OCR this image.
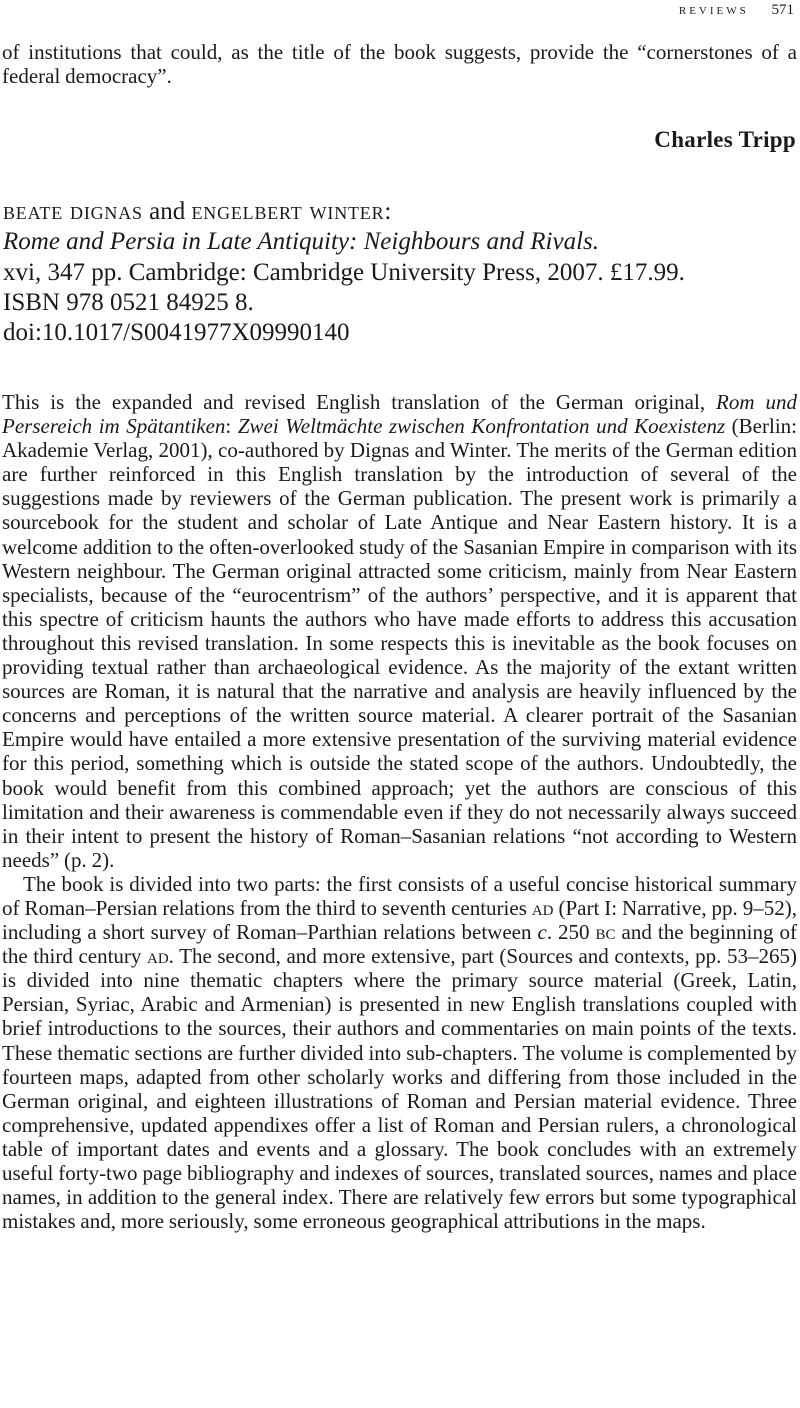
reviews 571

of institutions that could, as the title of the book suggests, provide the “cornerstones of a federal democracy”.

Charles Tripp
beate dignas and engelbert winter:
Rome and Persia in Late Antiquity: Neighbours and Rivals.
xvi, 347 pp. Cambridge: Cambridge University Press, 2007. £17.99.
ISBN 978 0521 84925 8.
doi:10.1017/S0041977X09990140

This is the expanded and revised English translation of the German original, Rom und Persereich im Spätantiken: Zwei Weltmächte zwischen Konfrontation und Koexistenz (Berlin: Akademie Verlag, 2001), co-authored by Dignas and Winter. The merits of the German edition are further reinforced in this English translation by the introduction of several of the suggestions made by reviewers of the German publication. The present work is primarily a sourcebook for the student and scholar of Late Antique and Near Eastern history. It is a welcome addition to the often-overlooked study of the Sasanian Empire in comparison with its Western neighbour. The German original attracted some criticism, mainly from Near Eastern specialists, because of the “eurocentrism” of the authors’ perspective, and it is apparent that this spectre of criticism haunts the authors who have made efforts to address this accusation throughout this revised translation. In some respects this is inevitable as the book focuses on providing textual rather than archaeological evidence. As the majority of the extant written sources are Roman, it is natural that the narrative and analysis are heavily influenced by the concerns and perceptions of the written source material. A clearer portrait of the Sasanian Empire would have entailed a more extensive presentation of the surviving material evidence for this period, something which is outside the stated scope of the authors. Undoubtedly, the book would benefit from this combined approach; yet the authors are conscious of this limitation and their awareness is commendable even if they do not necessarily always succeed in their intent to present the history of Roman–Sasanian relations “not according to Western needs” (p. 2).

The book is divided into two parts: the first consists of a useful concise historical summary of Roman–Persian relations from the third to seventh centuries ad (Part I: Narrative, pp. 9–52), including a short survey of Roman–Parthian relations between c. 250 bc and the beginning of the third century ad. The second, and more extensive, part (Sources and contexts, pp. 53–265) is divided into nine thematic chapters where the primary source material (Greek, Latin, Persian, Syriac, Arabic and Armenian) is presented in new English translations coupled with brief introductions to the sources, their authors and commentaries on main points of the texts. These thematic sections are further divided into sub-chapters. The volume is complemented by fourteen maps, adapted from other scholarly works and differing from those included in the German original, and eighteen illustrations of Roman and Persian material evidence. Three comprehensive, updated appendixes offer a list of Roman and Persian rulers, a chronological table of important dates and events and a glossary. The book concludes with an extremely useful forty-two page bibliography and indexes of sources, translated sources, names and place names, in addition to the general index. There are relatively few errors but some typographical mistakes and, more seriously, some erroneous geographical attributions in the maps.
